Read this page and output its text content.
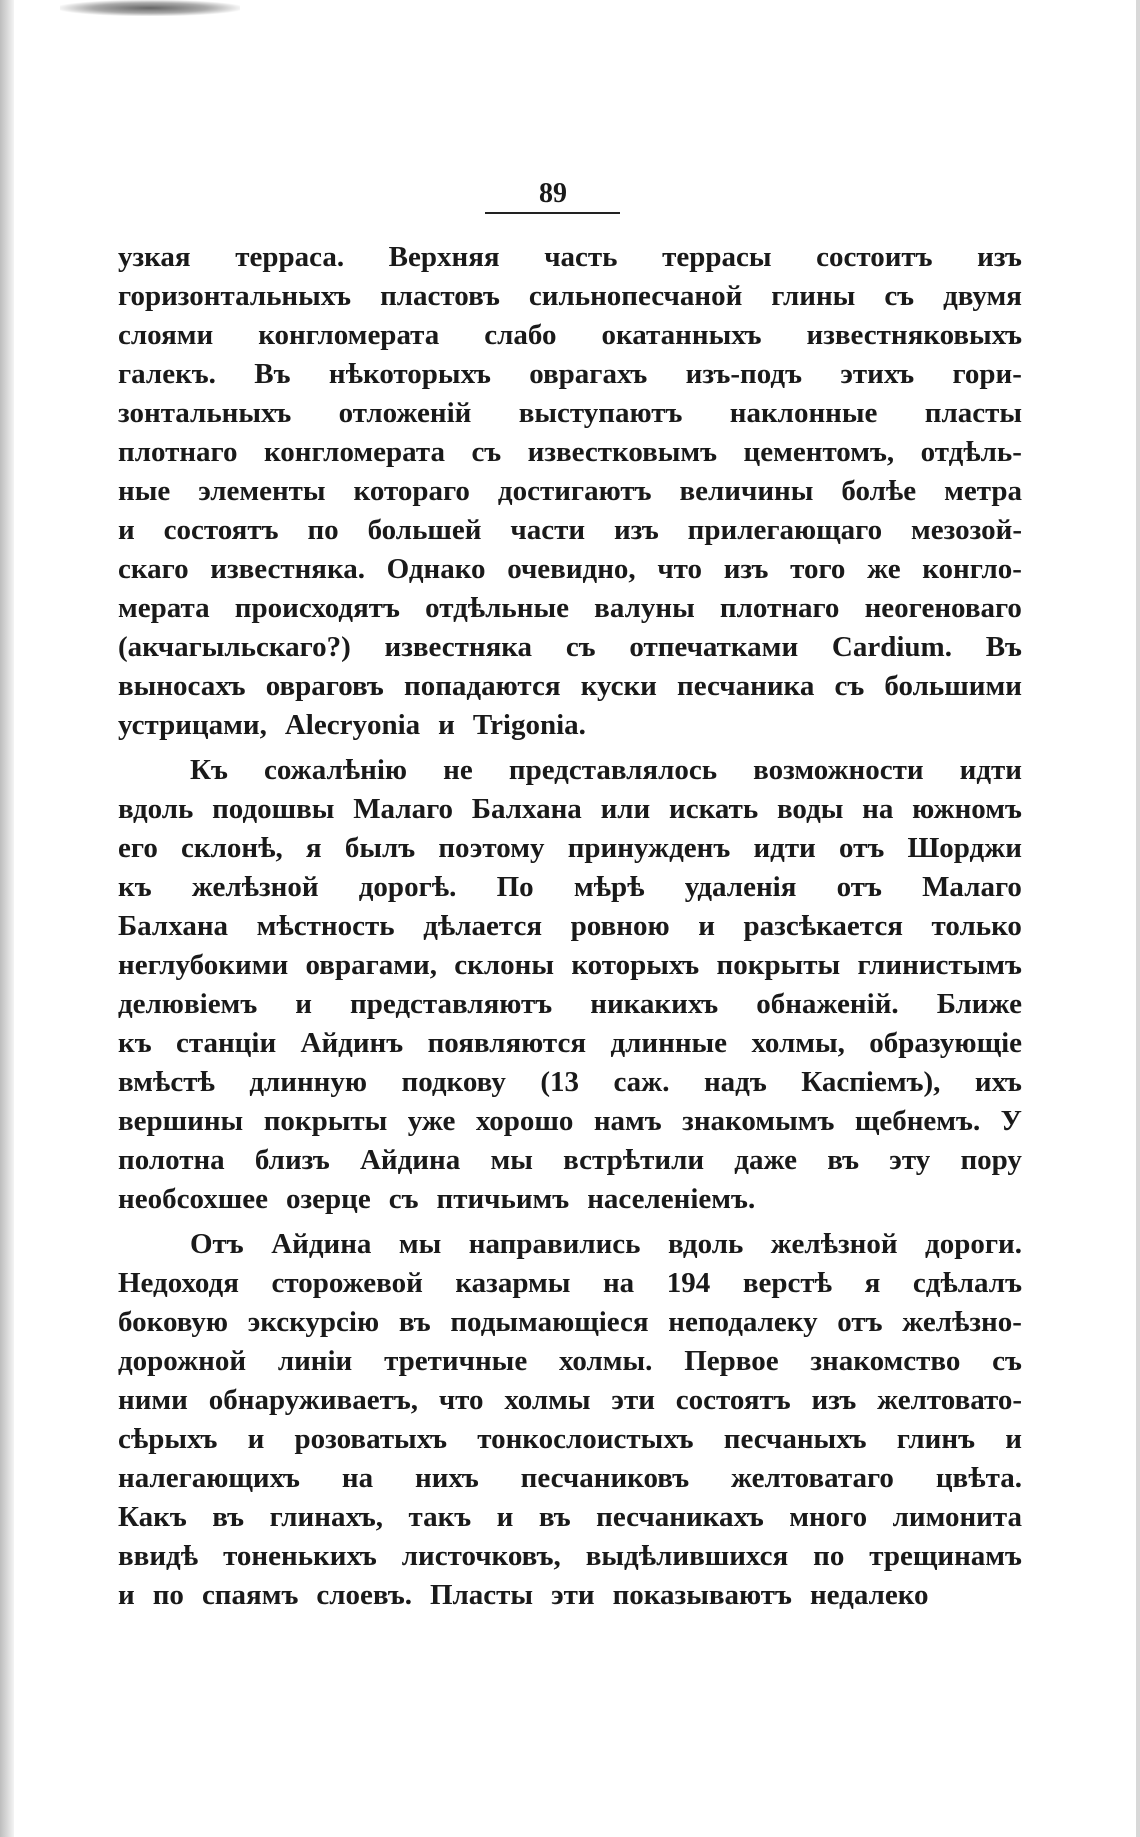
89
узкая терраса. Верхняя часть террасы состоитъ изъ
горизонтальныхъ пластовъ сильнопесчаной глины съ двумя
слоями конгломерата слабо окатанныхъ известняковыхъ
галекъ. Въ нѣкоторыхъ оврагахъ изъ-подъ этихъ гори-
зонтальныхъ отложеній выступаютъ наклонные пласты
плотнаго конгломерата съ известковымъ цементомъ, отдѣль-
ные элементы котораго достигаютъ величины болѣе метра
и состоятъ по большей части изъ прилегающаго мезозой-
скаго известняка. Однако очевидно, что изъ того же конгло-
мерата происходятъ отдѣльные валуны плотнаго неогеноваго
(акчагыльскаго?) известняка съ отпечатками Cardium. Въ
выносахъ овраговъ попадаются куски песчаника съ большими
устрицами, Alecryonia и Trigonia.
Къ сожалѣнію не представлялось возможности идти
вдоль подошвы Малаго Балхана или искать воды на южномъ
его склонѣ, я былъ поэтому принужденъ идти отъ Шорджи
къ желѣзной дорогѣ. По мѣрѣ удаленія отъ Малаго
Балхана мѣстность дѣлается ровною и разсѣкается только
неглубокими оврагами, склоны которыхъ покрыты глинистымъ
делювіемъ и представляютъ никакихъ обнаженій. Ближе
къ станціи Айдинъ появляются длинные холмы, образующіе
вмѣстѣ длинную подкову (13 саж. надъ Каспіемъ), ихъ
вершины покрыты уже хорошо намъ знакомымъ щебнемъ. У
полотна близъ Айдина мы встрѣтили даже въ эту пору
необсохшее озерце съ птичьимъ населеніемъ.
Отъ Айдина мы направились вдоль желѣзной дороги.
Недоходя сторожевой казармы на 194 верстѣ я сдѣлалъ
боковую экскурсію въ подымающіеся неподалеку отъ желѣзно-
дорожной линіи третичные холмы. Первое знакомство съ
ними обнаруживаетъ, что холмы эти состоятъ изъ желтовато-
сѣрыхъ и розоватыхъ тонкослоистыхъ песчаныхъ глинъ и
налегающихъ на нихъ песчаниковъ желтоватаго цвѣта.
Какъ въ глинахъ, такъ и въ песчаникахъ много лимонита
ввидѣ тоненькихъ листочковъ, выдѣлившихся по трещинамъ
и по спаямъ слоевъ. Пласты эти показываютъ недалеко
